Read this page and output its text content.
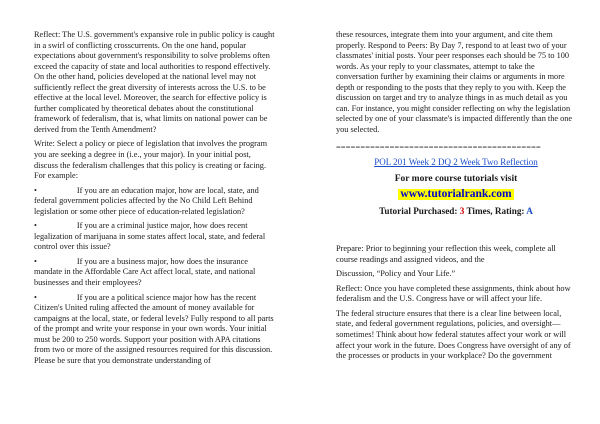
Reflect: The U.S. government's expansive role in public policy is caught in a swirl of conflicting crosscurrents. On the one hand, popular expectations about government's responsibility to solve problems often exceed the capacity of state and local authorities to respond effectively. On the other hand, policies developed at the national level may not sufficiently reflect the great diversity of interests across the U.S. to be effective at the local level. Moreover, the search for effective policy is further complicated by theoretical debates about the constitutional framework of federalism, that is, what limits on national power can be derived from the Tenth Amendment?

Write: Select a policy or piece of legislation that involves the program you are seeking a degree in (i.e., your major). In your initial post, discuss the federalism challenges that this policy is creating or facing. For example:

•	If you are an education major, how are local, state, and
federal government policies affected by the No Child Left Behind legislation or some other piece of education-related legislation?

•	If you are a criminal justice major, how does recent
legalization of marijuana in some states affect local, state, and federal control over this issue?

•	If you are a business major, how does the insurance
mandate in the Affordable Care Act affect local, state, and national businesses and their employees?

•	If you are a political science major how has the recent
Citizen's United ruling affected the amount of money available for campaigns at the local, state, or federal levels? Fully respond to all parts of the prompt and write your response in your own words. Your initial must be 200 to 250 words. Support your position with APA citations from two or more of the assigned resources required for this discussion. Please be sure that you demonstrate understanding of

these resources, integrate them into your argument, and cite them properly. Respond to Peers: By Day 7, respond to at least two of your classmates' initial posts. Your peer responses each should be 75 to 100 words. As your reply to your classmates, attempt to take the conversation further by examining their claims or arguments in more depth or responding to the posts that they reply to you with. Keep the discussion on target and try to analyze things in as much detail as you can. For instance, you might consider reflecting on why the legislation selected by one of your classmate's is impacted differently than the one you selected.

==========================================
POL 201 Week 2 DQ 2 Week Two Reflection
For more course tutorials visit
www.tutorialrank.com
Tutorial Purchased: 3 Times, Rating: A

Prepare: Prior to beginning your reflection this week, complete all course readings and assigned videos, and the

Discussion, “Policy and Your Life.”

Reflect: Once you have completed these assignments, think about how federalism and the U.S. Congress have or will affect your life.

The federal structure ensures that there is a clear line between local, state, and federal government regulations, policies, and oversight—sometimes! Think about how federal statutes affect your work or will affect your work in the future. Does Congress have oversight of any of the processes or products in your workplace? Do the government
